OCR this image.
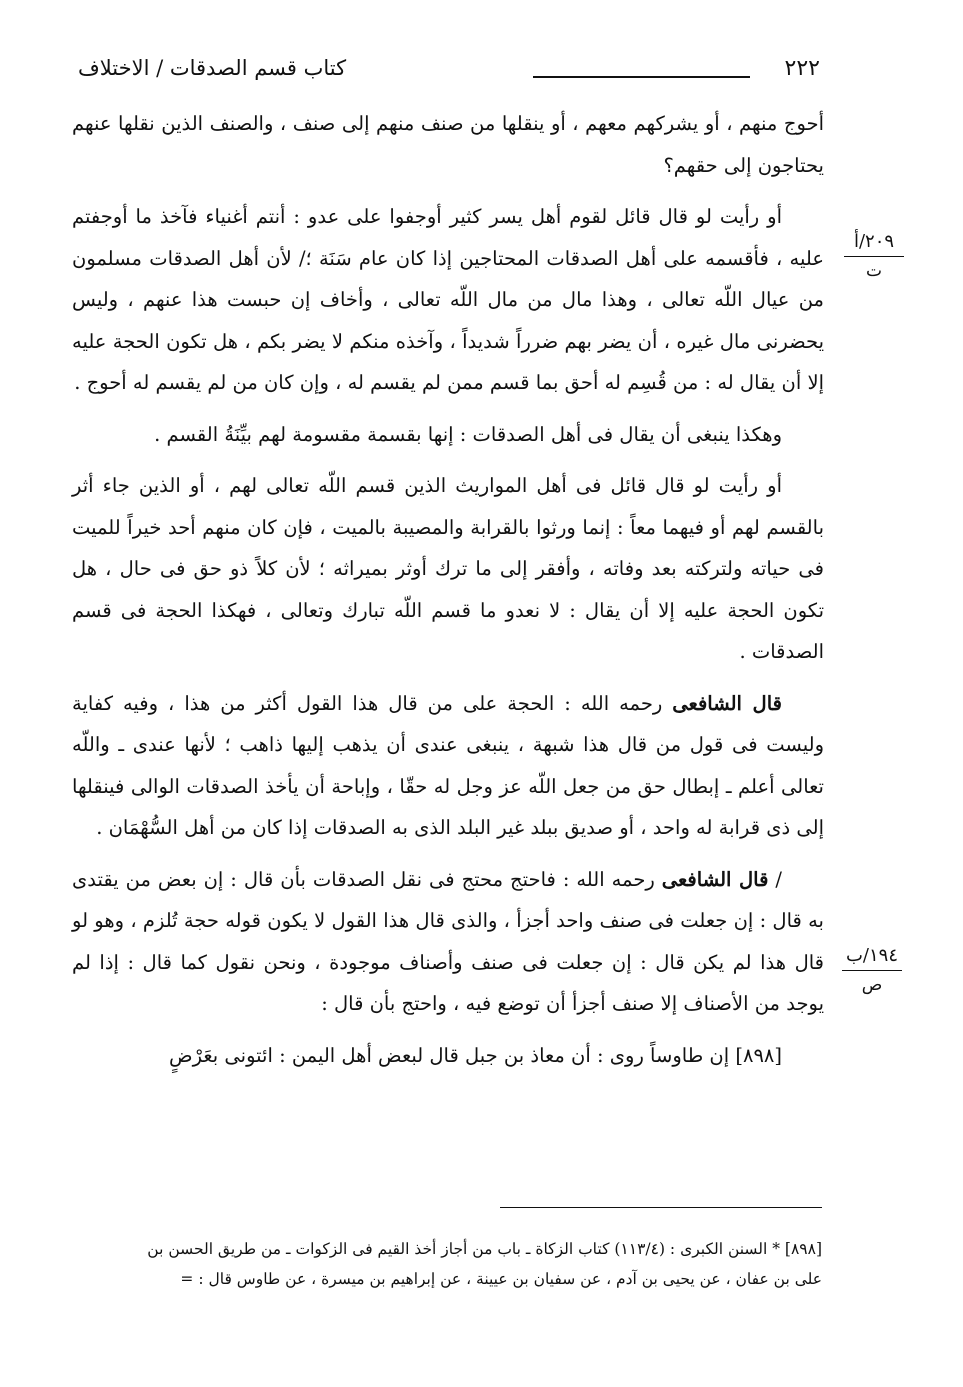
٢٢٢
كتاب قسم الصدقات / الاختلاف
٢٠٩/أ
ت
١٩٤/ب
ص

أحوج منهم ، أو يشركهم معهم ، أو ينقلها من صنف منهم إلى صنف ، والصنف الذين نقلها عنهم يحتاجون إلى حقهم؟

أو رأيت لو قال قائل لقوم أهل يسر كثير أوجفوا على عدو : أنتم أغنياء فآخذ ما أوجفتم عليه ، فأقسمه على أهل الصدقات المحتاجين إذا كان عام سَنَة ؛/ لأن أهل الصدقات مسلمون من عيال اللّه تعالى ، وهذا مال من مال اللّه تعالى ، وأخاف إن حبست هذا عنهم ، وليس يحضرنى مال غيره ، أن يضر بهم ضرراً شديداً ، وآخذه منكم لا يضر بكم ، هل تكون الحجة عليه إلا أن يقال له : من قُسِم له أحق بما قسم ممن لم يقسم له ، وإن كان من لم يقسم له أحوج .

وهكذا ينبغى أن يقال فى أهل الصدقات : إنها بقسمة مقسومة لهم بيِّنَةُ القسم .

أو رأيت لو قال قائل فى أهل المواريث الذين قسم اللّه تعالى لهم ، أو الذين جاء أثر بالقسم لهم أو فيهما معاً : إنما ورثوا بالقرابة والمصيبة بالميت ، فإن كان منهم أحد خيراً للميت فى حياته ولتركته بعد وفاته ، وأفقر إلى ما ترك أوثر بميراثه ؛ لأن كلاً ذو حق فى حال ، هل تكون الحجة عليه إلا أن يقال : لا نعدو ما قسم اللّه تبارك وتعالى ، فهكذا الحجة فى قسم الصدقات .

قال الشافعى رحمه الله : الحجة على من قال هذا القول أكثر من هذا ، وفيه كفاية وليست فى قول من قال هذا شبهة ، ينبغى عندى أن يذهب إليها ذاهب ؛ لأنها عندى ـ واللّه تعالى أعلم ـ إبطال حق من جعل اللّه عز وجل له حقّا ، وإباحة أن يأخذ الصدقات الوالى فينقلها إلى ذى قرابة له واحد ، أو صديق ببلد غير البلد الذى به الصدقات إذا كان من أهل السُّهْمَان .

/ قال الشافعى رحمه الله : فاحتج محتج فى نقل الصدقات بأن قال : إن بعض من يقتدى به قال : إن جعلت فى صنف واحد أجزأ ، والذى قال هذا القول لا يكون قوله حجة تُلزم ، وهو لو قال هذا لم يكن قال : إن جعلت فى صنف وأصناف موجودة ، ونحن نقول كما قال : إذا لم يوجد من الأصناف إلا صنف أجزأ أن توضع فيه ، واحتج بأن قال :

[٨٩٨] إن طاوساً روى : أن معاذ بن جبل قال لبعض أهل اليمن : ائتونى بعَرْضٍ

[٨٩٨] * السنن الكبرى : (١١٣/٤) كتاب الزكاة ـ باب من أجاز أخذ القيم فى الزكوات ـ من طريق الحسن بن

على بن عفان ، عن يحيى بن آدم ، عن سفيان بن عيينة ، عن إبراهيم بن ميسرة ، عن طاوس قال : =
